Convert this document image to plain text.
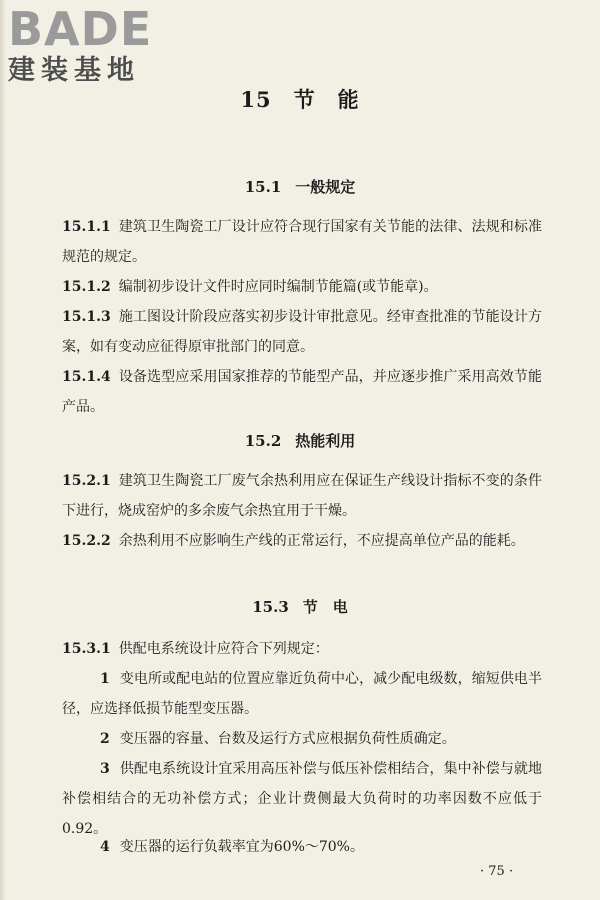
BADE
建装基地
15 节　能
15.1 一般规定
15.1.1 建筑卫生陶瓷工厂设计应符合现行国家有关节能的法律、法规和标准规范的规定。
15.1.2 编制初步设计文件时应同时编制节能篇(或节能章)。
15.1.3 施工图设计阶段应落实初步设计审批意见。经审查批准的节能设计方案，如有变动应征得原审批部门的同意。
15.1.4 设备选型应采用国家推荐的节能型产品，并应逐步推广采用高效节能产品。
15.2 热能利用
15.2.1 建筑卫生陶瓷工厂废气余热利用应在保证生产线设计指标不变的条件下进行，烧成窑炉的多余废气余热宜用于干燥。
15.2.2 余热利用不应影响生产线的正常运行，不应提高单位产品的能耗。
15.3 节　电
15.3.1 供配电系统设计应符合下列规定：
1 变电所或配电站的位置应靠近负荷中心，减少配电级数，缩短供电半径，应选择低损节能型变压器。
2 变压器的容量、台数及运行方式应根据负荷性质确定。
3 供配电系统设计宜采用高压补偿与低压补偿相结合，集中补偿与就地补偿相结合的无功补偿方式；企业计费侧最大负荷时的功率因数不应低于0.92。
4 变压器的运行负载率宜为60%～70%。
· 75 ·
